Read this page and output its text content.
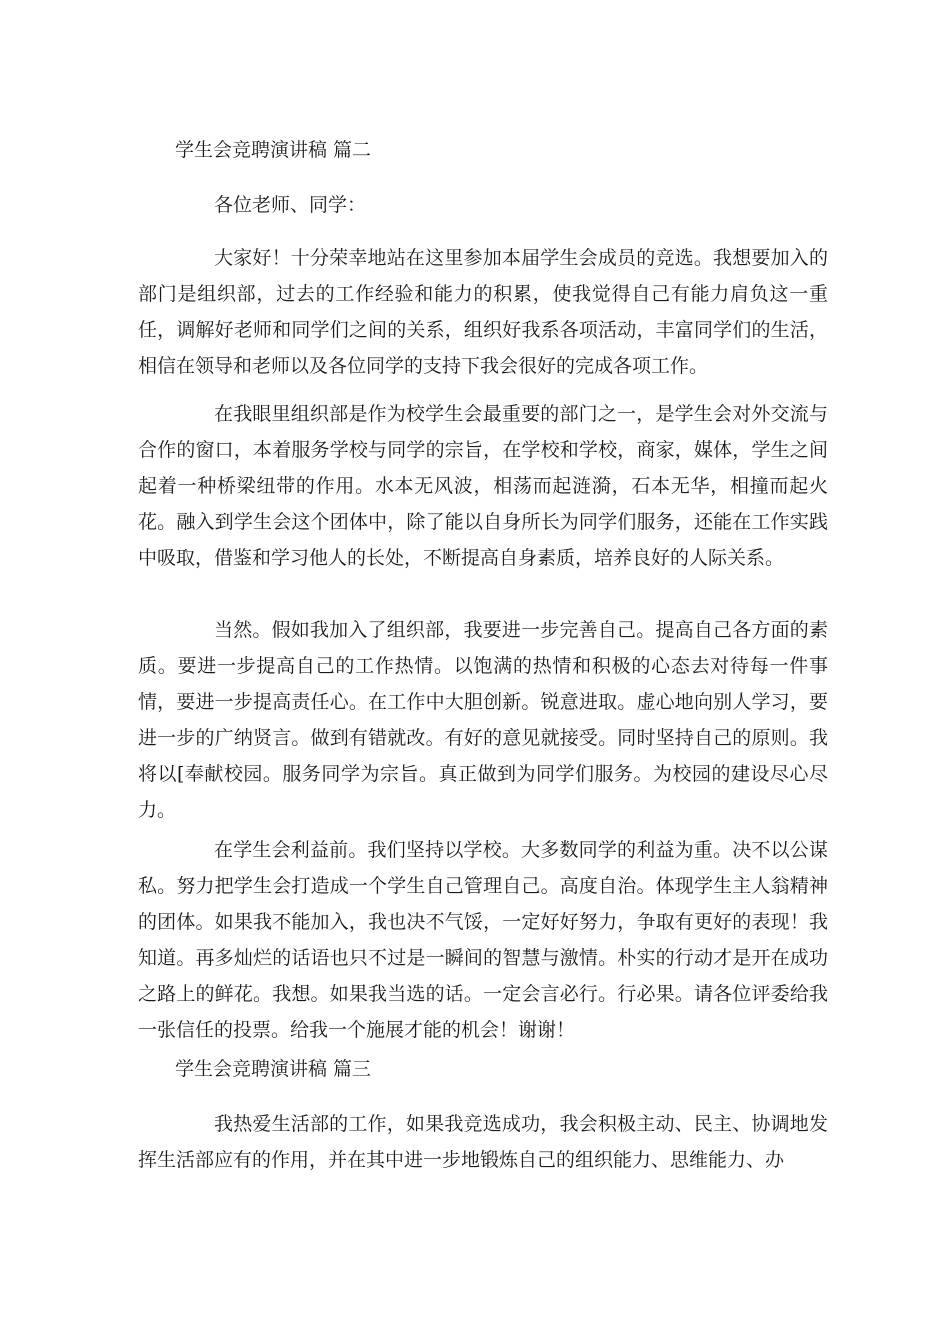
学生会竞聘演讲稿 篇二
各位老师、同学：

大家好！十分荣幸地站在这里参加本届学生会成员的竞选。我想要加入的部门是组织部，过去的工作经验和能力的积累，使我觉得自己有能力肩负这一重任，调解好老师和同学们之间的关系，组织好我系各项活动，丰富同学们的生活，相信在领导和老师以及各位同学的支持下我会很好的完成各项工作。

在我眼里组织部是作为校学生会最重要的部门之一，是学生会对外交流与合作的窗口，本着服务学校与同学的宗旨，在学校和学校，商家，媒体，学生之间起着一种桥梁纽带的作用。水本无风波，相荡而起涟漪，石本无华，相撞而起火花。融入到学生会这个团体中，除了能以自身所长为同学们服务，还能在工作实践中吸取，借鉴和学习他人的长处，不断提高自身素质，培养良好的人际关系。

当然。假如我加入了组织部，我要进一步完善自己。提高自己各方面的素质。要进一步提高自己的工作热情。以饱满的热情和积极的心态去对待每一件事情，要进一步提高责任心。在工作中大胆创新。锐意进取。虚心地向别人学习，要进一步的广纳贤言。做到有错就改。有好的意见就接受。同时坚持自己的原则。我将以[奉献校园。服务同学为宗旨。真正做到为同学们服务。为校园的建设尽心尽力。

在学生会利益前。我们坚持以学校。大多数同学的利益为重。决不以公谋私。努力把学生会打造成一个学生自己管理自己。高度自治。体现学生主人翁精神的团体。如果我不能加入，我也决不气馁，一定好好努力，争取有更好的表现！我知道。再多灿烂的话语也只不过是一瞬间的智慧与激情。朴实的行动才是开在成功之路上的鲜花。我想。如果我当选的话。一定会言必行。行必果。请各位评委给我一张信任的投票。给我一个施展才能的机会！谢谢！

学生会竞聘演讲稿 篇三

我热爱生活部的工作，如果我竞选成功，我会积极主动、民主、协调地发挥生活部应有的作用，并在其中进一步地锻炼自己的组织能力、思维能力、办
